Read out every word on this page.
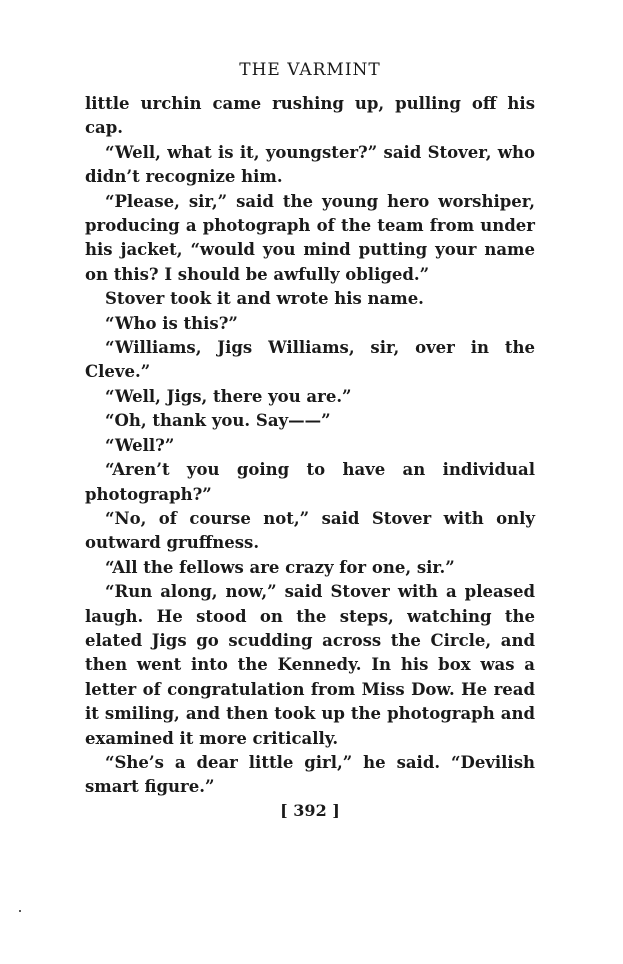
THE VARMINT

little urchin came rushing up, pulling off his cap.

“Well, what is it, youngster?” said Stover, who didn’t recognize him.

“Please, sir,” said the young hero worshiper, producing a photograph of the team from under his jacket, “would you mind putting your name on this? I should be awfully obliged.”

Stover took it and wrote his name.

“Who is this?”

“Williams, Jigs Williams, sir, over in the Cleve.”

“Well, Jigs, there you are.”

“Oh, thank you. Say——”

“Well?”

“Aren’t you going to have an individual photograph?”

“No, of course not,” said Stover with only outward gruffness.

“All the fellows are crazy for one, sir.”

“Run along, now,” said Stover with a pleased laugh. He stood on the steps, watching the elated Jigs go scudding across the Circle, and then went into the Kennedy. In his box was a letter of congratulation from Miss Dow. He read it smiling, and then took up the photograph and examined it more critically.

“She’s a dear little girl,” he said. “Devilish smart figure.”

[ 392 ]
